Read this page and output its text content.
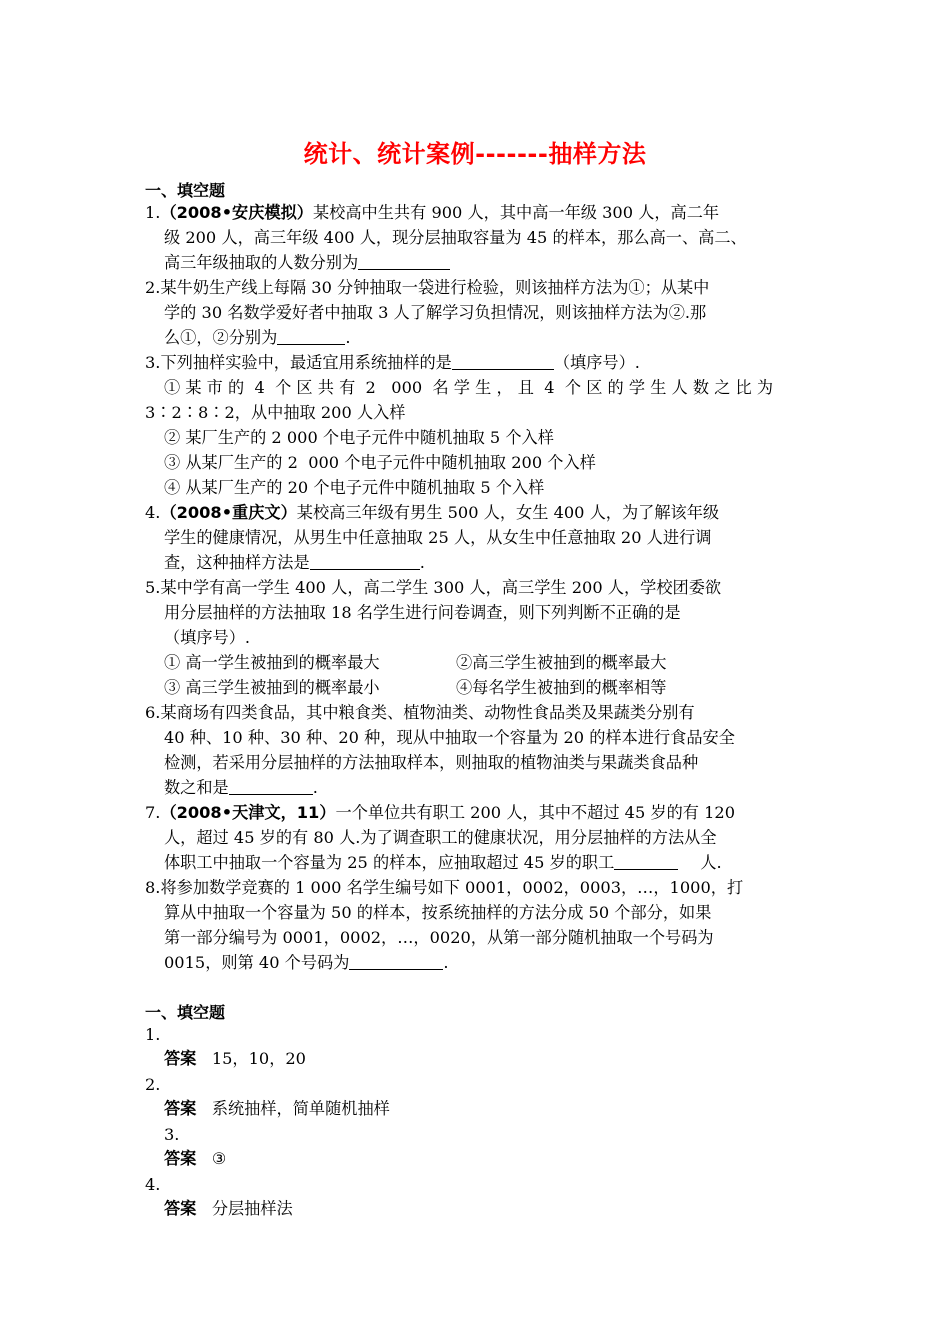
统计、统计案例-------抽样方法
一、填空题
1.（2008•安庆模拟）某校高中生共有 900 人，其中高一年级 300 人，高二年
级 200 人，高三年级 400 人，现分层抽取容量为 45 的样本，那么高一、高二、
高三年级抽取的人数分别为
2.某牛奶生产线上每隔 30 分钟抽取一袋进行检验，则该抽样方法为①；从某中
学的 30 名数学爱好者中抽取 3 人了解学习负担情况，则该抽样方法为②.那
么①，②分别为	.
3.下列抽样实验中，最适宜用系统抽样的是	（填序号）.
① 某 市 的  4  个 区 共 有  2   000  名 学 生 ， 且  4  个 区 的 学 生 人 数 之 比 为
3∶2∶8∶2，从中抽取 200 人入样
② 某厂生产的 2 000 个电子元件中随机抽取 5 个入样
③ 从某厂生产的 2  000 个电子元件中随机抽取 200 个入样
④ 从某厂生产的 20 个电子元件中随机抽取 5 个入样
4.（2008•重庆文）某校高三年级有男生 500 人，女生 400 人，为了解该年级
学生的健康情况，从男生中任意抽取 25 人，从女生中任意抽取 20 人进行调
查，这种抽样方法是	.
5.某中学有高一学生 400 人，高二学生 300 人，高三学生 200 人，学校团委欲
用分层抽样的方法抽取 18 名学生进行问卷调查，则下列判断不正确的是
（填序号）.
① 高一学生被抽到的概率最大	②高三学生被抽到的概率最大
③ 高三学生被抽到的概率最小	④每名学生被抽到的概率相等
6.某商场有四类食品，其中粮食类、植物油类、动物性食品类及果蔬类分别有
40 种、10 种、30 种、20 种，现从中抽取一个容量为 20 的样本进行食品安全
检测，若采用分层抽样的方法抽取样本，则抽取的植物油类与果蔬类食品种
数之和是	.
7.（2008•天津文，11）一个单位共有职工 200 人，其中不超过 45 岁的有 120
人，超过 45 岁的有 80 人.为了调查职工的健康状况，用分层抽样的方法从全
体职工中抽取一个容量为 25 的样本，应抽取超过 45 岁的职工	人.
8.将参加数学竞赛的 1 000 名学生编号如下 0001，0002，0003，…，1000，打
算从中抽取一个容量为 50 的样本，按系统抽样的方法分成 50 个部分，如果
第一部分编号为 0001，0002，…，0020，从第一部分随机抽取一个号码为
0015，则第 40 个号码为	.
一、填空题
1.
答案 15，10，20
2.
答案 系统抽样，简单随机抽样
3.
答案 ③
4.
答案 分层抽样法
